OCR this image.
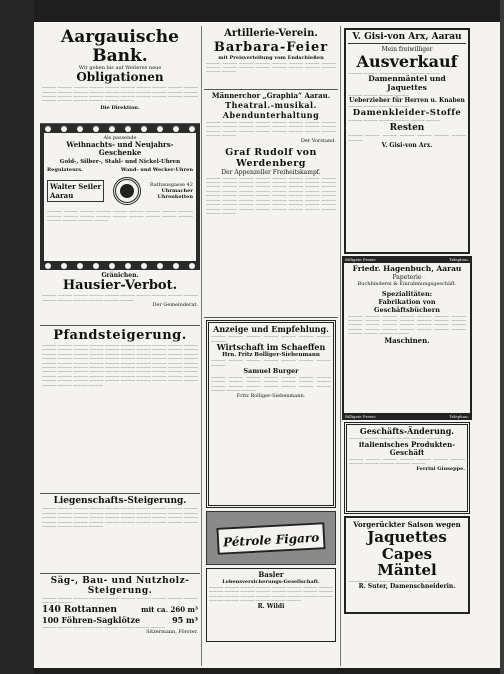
Aargauische Bank.
Wir geben bis auf Weiteres neue
Obligationen
———— ———— ———— ———— ———— ———— ———— ———— ———— ———— ———— ———— ———— ———— ———— ———— ———— ———— ———— ———— ———— ———— ———— ———— ———— ———— ———— ———— ———— ———— ———— ———— ———— ———— ———— ————
Die Direktion.
Als passende
Weihnachts- und Neujahrs-Geschenke
Gold-, Silber-, Stahl- und Nickel-Uhren
Regulateurs.	Wand- und Wecker-Uhren
Walter Seiler
Aarau
Rathausgasse 42
Uhrmacher
Uhrenketten
———— ———— ———— ———— ———— ———— ———— ———— ———— ———— ———— ———— ———— ———— ———— ———— ———— ———— ———— ———— ———— ————
Gränichen.
Hausier-Verbot.
———— ———— ———— ———— ———— ———— ———— ———— ———— ———— ———— ———— ———— ———— ———— ————
Der Gemeinderat.
Pfandsteigerung.
———— ———— ———— ———— ———— ———— ———— ———— ———— ———— ———— ———— ———— ———— ———— ———— ———— ———— ———— ———— ———— ———— ———— ———— ———— ———— ———— ———— ———— ———— ———— ———— ———— ———— ———— ———— ———— ———— ———— ———— ———— ———— ———— ———— ———— ———— ———— ———— ———— ———— ———— ———— ———— ———— ———— ———— ———— ———— ———— ———— ———— ———— ———— ———— ———— ———— ———— ———— ———— ———— ———— ———— ———— ———— ———— ———— ———— ———— ———— ———— ———— ———— ———— ———— ———— ———— ———— ———— ———— ———— ———— ———— ———— ————
Liegenschafts-Steigerung.
———— ———— ———— ———— ———— ———— ———— ———— ———— ———— ———— ———— ———— ———— ———— ———— ———— ———— ———— ———— ———— ———— ———— ———— ———— ———— ———— ———— ———— ———— ———— ———— ———— ———— ———— ———— ———— ———— ———— ———— ———— ———— ———— ————
Säg-, Bau- und Nutzholz-Steigerung.
———— ———— ———— ———— ———— ———— ———— ———— ———— ———— ———— ————
140 Rottannen	mit ca. 260 m³
100 Föhren-Sagklötze	95 m³
———— ———— ———— ———— ———— ———— ———— ————
Sitzermann, Förster.
Artillerie-Verein.
Barbara-Feier
mit Preisverteilung vom Endschießen
———— ———— ———— ———— ———— ———— ———— ———— ———— ———— ———— ———— ———— ———— ———— ———— ———— ————
Männerchor „Graphia“ Aarau.
Theatral.-musikal. Abendunterhaltung
———— ———— ———— ———— ———— ———— ———— ———— ———— ———— ———— ———— ———— ———— ———— ———— ———— ———— ———— ———— ———— ———— ———— ———— ———— ————
Der Vorstand.
Graf Rudolf von Werdenberg
Der Appenzeller Freiheitskampf.
———— ———— ———— ———— ———— ———— ———— ———— ———— ———— ———— ———— ———— ———— ———— ———— ———— ———— ———— ———— ———— ———— ———— ———— ———— ———— ———— ———— ———— ———— ———— ———— ———— ———— ———— ———— ———— ———— ———— ———— ———— ———— ———— ———— ———— ———— ———— ———— ———— ———— ———— ———— ———— ———— ———— ———— ———— ———— ———— ———— ———— ———— ———— ———— ———— ————
Anzeige und Empfehlung.
———— ———— ———— ———— ———— ———— ———— ————
Wirtschaft im Schaeffen
Hrn. Fritz Bolliger-Siebenmann
———— ———— ———— ———— ———— ———— ———— ————
Samuel Burger
———— ———— ———— ———— ———— ———— ———— ———— ———— ———— ———— ———— ———— ———— ———— ———— ———— ———— ———— ———— ———— ———— ———— ————
Fritz Bolliger-Siebenmann.
Pétrole Figaro
Basler
Lebensversicherungs-Gesellschaft.
———— ———— ———— ———— ———— ———— ———— ———— ———— ———— ———— ———— ———— ———— ———— ———— ———— ———— ———— ———— ———— ———— ———— ———— ———— ———— ———— ———— ———— ————
R. Wildi
V. Gisi-von Arx, Aarau
Mein freiwilliger
Ausverkauf
———— ———— ———— ———— ———— ————
Damenmäntel und Jaquettes
———— ———— ———— ————
Ueberzieher für Herren u. Knaben
———— ———— ———— ————
Damenkleider-Stoffe
———— ———— ———— ———— ———— ————
Resten
———— ———— ———— ———— ———— ———— ———— ————
V. Gisi-von Arx.
Billigste Preise	Telephon.
Friedr. Hagenbuch, Aarau
Papeterie
Buchbinderei & Einrahmungsgeschäft.
Spezialitäten:
Fabrikation von Geschäftsbüchern
———— ———— ———— ———— ———— ———— ———— ———— ———— ———— ———— ———— ———— ———— ———— ———— ———— ———— ———— ———— ———— ———— ———— ———— ———— ———— ———— ———— ———— ———— ———— ————
Maschinen.
Billigste Preise	Telephon.
Geschäfts-Änderung.
———— ———— ———— ———— ———— ————
italienisches Produkten-Geschäft
———— ———— ———— ———— ———— ———— ———— ———— ———— ———— ———— ————
Ferrini Giuseppe.
Vorgerückter Saison wegen
Jaquettes
Capes
Mäntel
———— ———— ———— ———— ———— ————
R. Suter, Damenschneiderin.
